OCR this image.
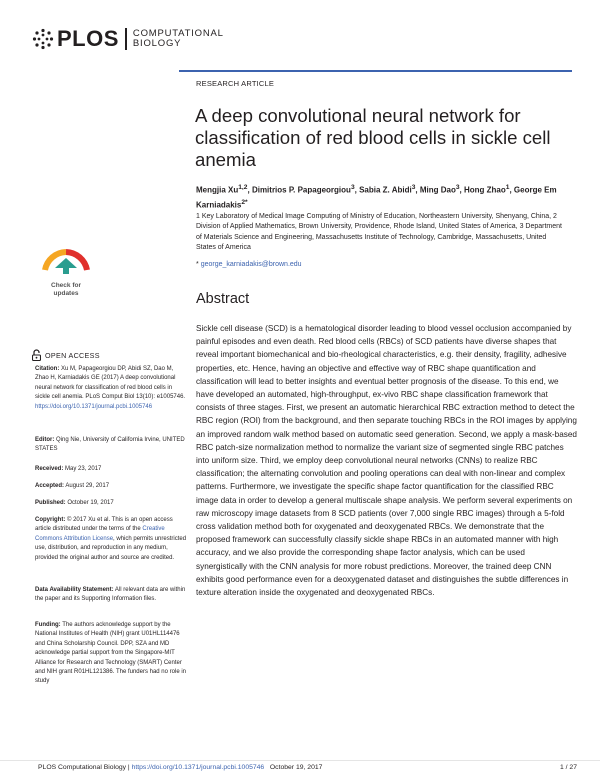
PLOS COMPUTATIONAL
BIOLOGY
RESEARCH ARTICLE
A deep convolutional neural network for classification of red blood cells in sickle cell anemia
Mengjia Xu$^{1,2}$, Dimitrios P. Papageorgiou$^3$, Sabia Z. Abidi$^3$, Ming Dao$^3$, Hong Zhao$^1$, George Em Karniadakis$^{2*}$
1 Key Laboratory of Medical Image Computing of Ministry of Education, Northeastern University, Shenyang, China, 2 Division of Applied Mathematics, Brown University, Providence, Rhode Island, United States of America, 3 Department of Materials Science and Engineering, Massachusetts Institute of Technology, Cambridge, Massachusetts, United States of America
* george_karniadakis@brown.edu
Abstract

Sickle cell disease (SCD) is a hematological disorder leading to blood vessel occlusion accompanied by painful episodes and even death. Red blood cells (RBCs) of SCD patients have diverse shapes that reveal important biomechanical and bio-rheological characteristics, e.g. their density, fragility, adhesive properties, etc. Hence, having an objective and effective way of RBC shape quantification and classification will lead to better insights and eventual better prognosis of the disease. To this end, we have developed an automated, high-throughput, ex-vivo RBC shape classification framework that consists of three stages. First, we present an automatic hierarchical RBC extraction method to detect the RBC region (ROI) from the background, and then separate touching RBCs in the ROI images by applying an improved random walk method based on automatic seed generation. Second, we apply a mask-based RBC patch-size normalization method to normalize the variant size of segmented single RBC patches into uniform size. Third, we employ deep convolutional neural networks (CNNs) to realize RBC classification; the alternating convolution and pooling operations can deal with non-linear and complex patterns. Furthermore, we investigate the specific shape factor quantification for the classified RBC image data in order to develop a general multiscale shape analysis. We perform several experiments on raw microscopy image datasets from 8 SCD patients (over 7,000 single RBC images) through a 5-fold cross validation method both for oxygenated and deoxygenated RBCs. We demonstrate that the proposed framework can successfully classify sickle shape RBCs in an automated manner with high accuracy, and we also provide the corresponding shape factor analysis, which can be used synergistically with the CNN analysis for more robust predictions. Moreover, the trained deep CNN exhibits good performance even for a deoxygenated dataset and distinguishes the subtle differences in texture alteration inside the oxygenated and deoxygenated RBCs.

Check for
updates
OPEN ACCESS
Citation: Xu M, Papageorgiou DP, Abidi SZ, Dao M, Zhao H, Karniadakis GE (2017) A deep convolutional neural network for classification of red blood cells in sickle cell anemia. PLoS Comput Biol 13(10): e1005746. https://doi.org/10.1371/journal.pcbi.1005746
Editor: Qing Nie, University of California Irvine, UNITED STATES
Received: May 23, 2017
Accepted: August 29, 2017
Published: October 19, 2017
Copyright: © 2017 Xu et al. This is an open access article distributed under the terms of the Creative Commons Attribution License, which permits unrestricted use, distribution, and reproduction in any medium, provided the original author and source are credited.
Data Availability Statement: All relevant data are within the paper and its Supporting Information files.
Funding: The authors acknowledge support by the National Institutes of Health (NIH) grant U01HL114476 and China Scholarship Council. DPP, SZA and MD acknowledge partial support from the Singapore-MIT Alliance for Research and Technology (SMART) Center and NIH grant R01HL121386. The funders had no role in study
PLOS Computational Biology | https://doi.org/10.1371/journal.pcbi.1005746 October 19, 2017	1 / 27
